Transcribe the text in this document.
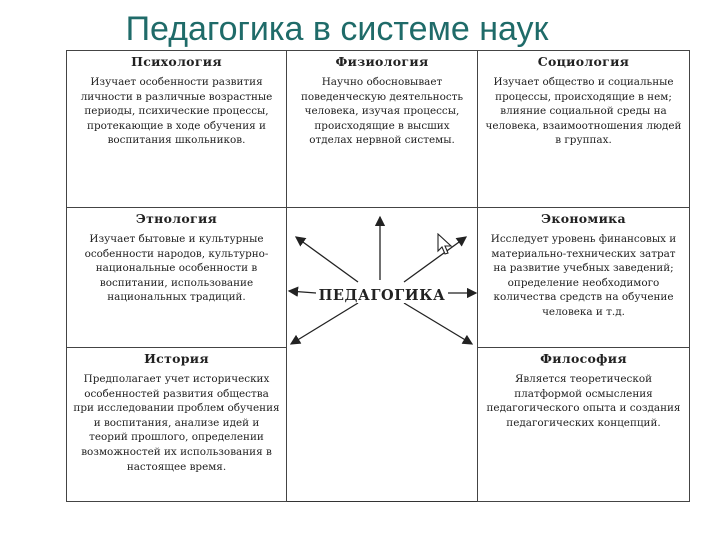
Педагогика в системе наук
Психология
Изучает особенности развития личности в различные возрастные периоды, психические процессы, протекающие в ходе обучения и воспитания школьников.
Физиология
Научно обосновывает поведенческую деятельность человека, изучая процессы, происходящие в высших отделах нервной системы.
Социология
Изучает общество и социальные процессы, происходящие в нем; влияние социальной среды на человека, взаимоотношения людей в группах.
Этнология
Изучает бытовые и культурные особенности народов, культурно-национальные особенности в воспитании, использование национальных традиций.
Экономика
Исследует уровень финансовых и материально-технических затрат на развитие учебных заведений; определение необходимого количества средств на обучение человека и т.д.
История
Предполагает учет исторических особенностей развития общества при исследовании проблем обучения и воспитания, анализе идей и теорий прошлого, определении возможностей их использования в настоящее время.
Философия
Является теоретической платформой осмысления педагогического опыта и создания педагогических концепций.
ПЕДАГОГИКА
